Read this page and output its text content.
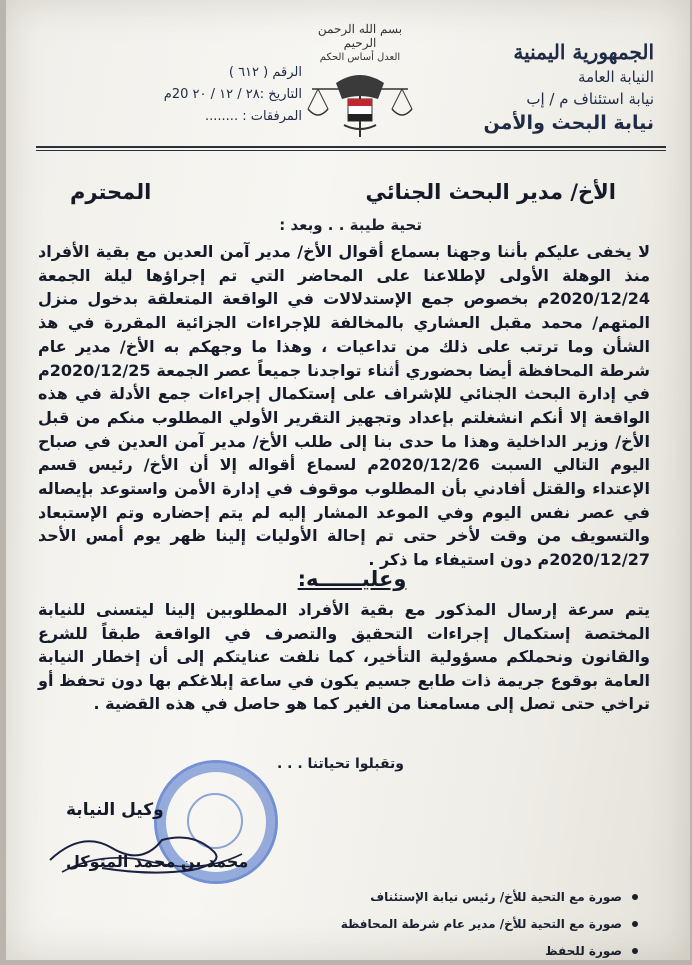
الجمهورية اليمنية
النيابة العامة
نيابة استئناف م / إب
نيابة البحث والأمن
بسم الله الرحمن الرحيم
العدل أساس الحكم
الرقم ( ٦١٢ )
التاريخ :٢٨ / ١٢ / ٢٠ 20م
المرفقات : ........
الأخ/ مدير البحث الجنائي
المحترم
تحية طيبة . . وبعد :
لا يخفى عليكم بأننا وجهنا بسماع أقوال الأخ/ مدير آمن العدين مع بقية الأفراد منذ الوهلة الأولى لإطلاعنا على المحاضر التي تم إجراؤها ليلة الجمعة 2020/12/24م بخصوص جمع الإستدلالات في الواقعة المتعلقة بدخول منزل المتهم/ محمد مقبل العشاري بالمخالفة للإجراءات الجزائية المقررة في هذ الشأن وما ترتب على ذلك من تداعيات ، وهذا ما وجهكم به الأخ/ مدير عام شرطة المحافظة أيضا بحضوري أثناء تواجدنا جميعاً عصر الجمعة 2020/12/25م في إدارة البحث الجنائي للإشراف على إستكمال إجراءات جمع الأدلة في هذه الواقعة إلا أنكم انشغلتم بإعداد وتجهيز التقرير الأولي المطلوب منكم من قبل الأخ/ وزير الداخلية وهذا ما حدى بنا إلى طلب الأخ/ مدير آمن العدين في صباح اليوم التالي السبت 2020/12/26م لسماع أقواله إلا أن الأخ/ رئيس قسم الإعتداء والقتل أفادني بأن المطلوب موقوف في إدارة الأمن واستوعد بإيصاله في عصر نفس اليوم وفي الموعد المشار إليه لم يتم إحضاره وتم الإستبعاد والتسويف من وقت لأخر حتى تم إحالة الأوليات إلينا ظهر يوم أمس الأحد 2020/12/27م دون استيفاء ما ذكر .
وعليــــــه:
يتم سرعة إرسال المذكور مع بقية الأفراد المطلوبين إلينا ليتسنى للنيابة المختصة إستكمال إجراءات التحقيق والتصرف في الواقعة طبقاً للشرع والقانون ونحملكم مسؤولية التأخير، كما نلفت عنايتكم إلى أن إخطار النيابة العامة بوقوع جريمة ذات طابع جسيم يكون في ساعة إبلاغكم بها دون تحفظ أو تراخي حتى تصل إلى مسامعنا من الغير كما هو حاصل في هذه القضية .
وتقبلوا تحياتنا . . .
وكيل النيابة
محمد بن محمد المتوكل
صورة مع التحية للأخ/ رئيس نيابة الإستئناف
صورة مع التحية للأخ/ مدير عام شرطة المحافظة
صورة للحفظ
